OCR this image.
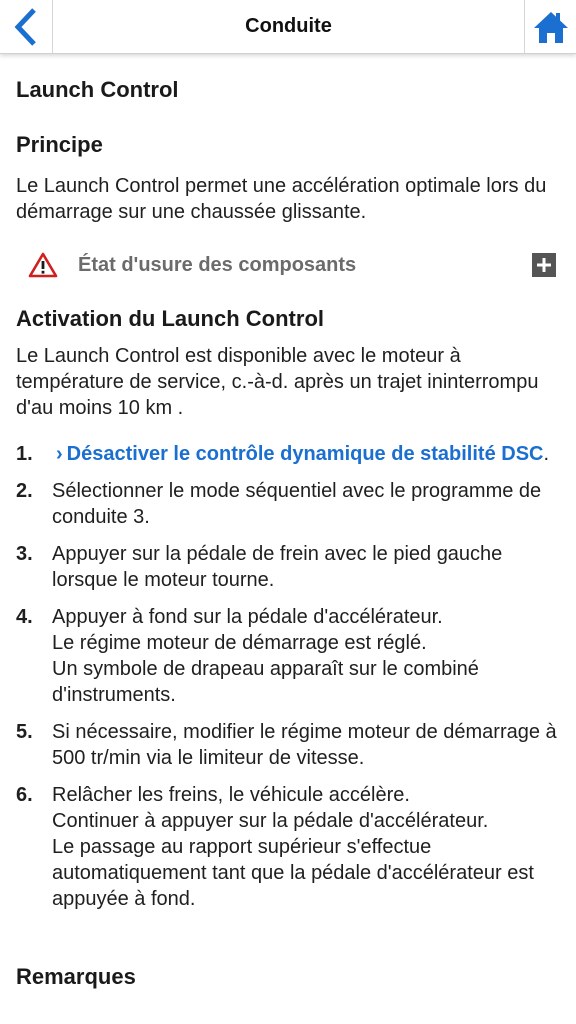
Conduite
Launch Control
Principe

Le Launch Control permet une accélération optimale lors du démarrage sur une chaussée glissante.

État d'usure des composants
Activation du Launch Control

Le Launch Control est disponible avec le moteur à température de service, c.-à-d. après un trajet ininterrompu d'au moins 10 km .

1.	› Désactiver le contrôle dynamique de stabilité DSC.
2. Sélectionner le mode séquentiel avec le programme de conduite 3.
3. Appuyer sur la pédale de frein avec le pied gauche lorsque le moteur tourne.
4. Appuyer à fond sur la pédale d'accélérateur.
Le régime moteur de démarrage est réglé.
Un symbole de drapeau apparaît sur le combiné d'instruments.
5. Si nécessaire, modifier le régime moteur de démarrage à 500 tr/min via le limiteur de vitesse.
6. Relâcher les freins, le véhicule accélère.
Continuer à appuyer sur la pédale d'accélérateur.
Le passage au rapport supérieur s'effectue automatiquement tant que la pédale d'accélérateur est appuyée à fond.
Remarques
